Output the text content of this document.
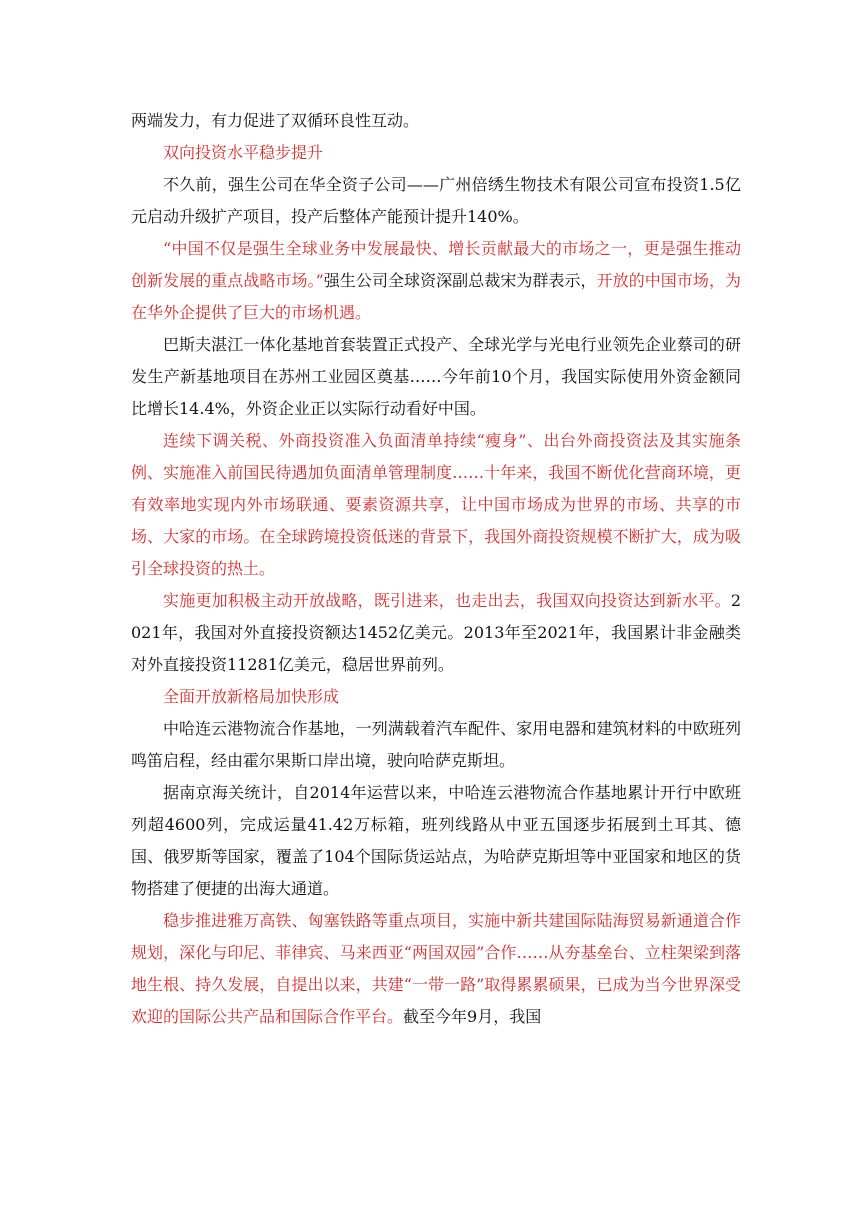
两端发力，有力促进了双循环良性互动。

双向投资水平稳步提升

不久前，强生公司在华全资子公司——广州倍绣生物技术有限公司宣布投资1.5亿元启动升级扩产项目，投产后整体产能预计提升140%。

“中国不仅是强生全球业务中发展最快、增长贡献最大的市场之一，更是强生推动创新发展的重点战略市场。”强生公司全球资深副总裁宋为群表示，开放的中国市场，为在华外企提供了巨大的市场机遇。

巴斯夫湛江一体化基地首套装置正式投产、全球光学与光电行业领先企业蔡司的研发生产新基地项目在苏州工业园区奠基……今年前10个月，我国实际使用外资金额同比增长14.4%，外资企业正以实际行动看好中国。

连续下调关税、外商投资准入负面清单持续“瘦身”、出台外商投资法及其实施条例、实施准入前国民待遇加负面清单管理制度……十年来，我国不断优化营商环境，更有效率地实现内外市场联通、要素资源共享，让中国市场成为世界的市场、共享的市场、大家的市场。在全球跨境投资低迷的背景下，我国外商投资规模不断扩大，成为吸引全球投资的热土。

实施更加积极主动开放战略，既引进来，也走出去，我国双向投资达到新水平。2021年，我国对外直接投资额达1452亿美元。2013年至2021年，我国累计非金融类对外直接投资11281亿美元，稳居世界前列。

全面开放新格局加快形成

中哈连云港物流合作基地，一列满载着汽车配件、家用电器和建筑材料的中欧班列鸣笛启程，经由霍尔果斯口岸出境，驶向哈萨克斯坦。

据南京海关统计，自2014年运营以来，中哈连云港物流合作基地累计开行中欧班列超4600列，完成运量41.42万标箱，班列线路从中亚五国逐步拓展到土耳其、德国、俄罗斯等国家，覆盖了104个国际货运站点，为哈萨克斯坦等中亚国家和地区的货物搭建了便捷的出海大通道。

稳步推进雅万高铁、匈塞铁路等重点项目，实施中新共建国际陆海贸易新通道合作规划，深化与印尼、菲律宾、马来西亚“两国双园”合作……从夯基垒台、立柱架梁到落地生根、持久发展，自提出以来，共建“一带一路”取得累累硕果，已成为当今世界深受欢迎的国际公共产品和国际合作平台。截至今年9月，我国
